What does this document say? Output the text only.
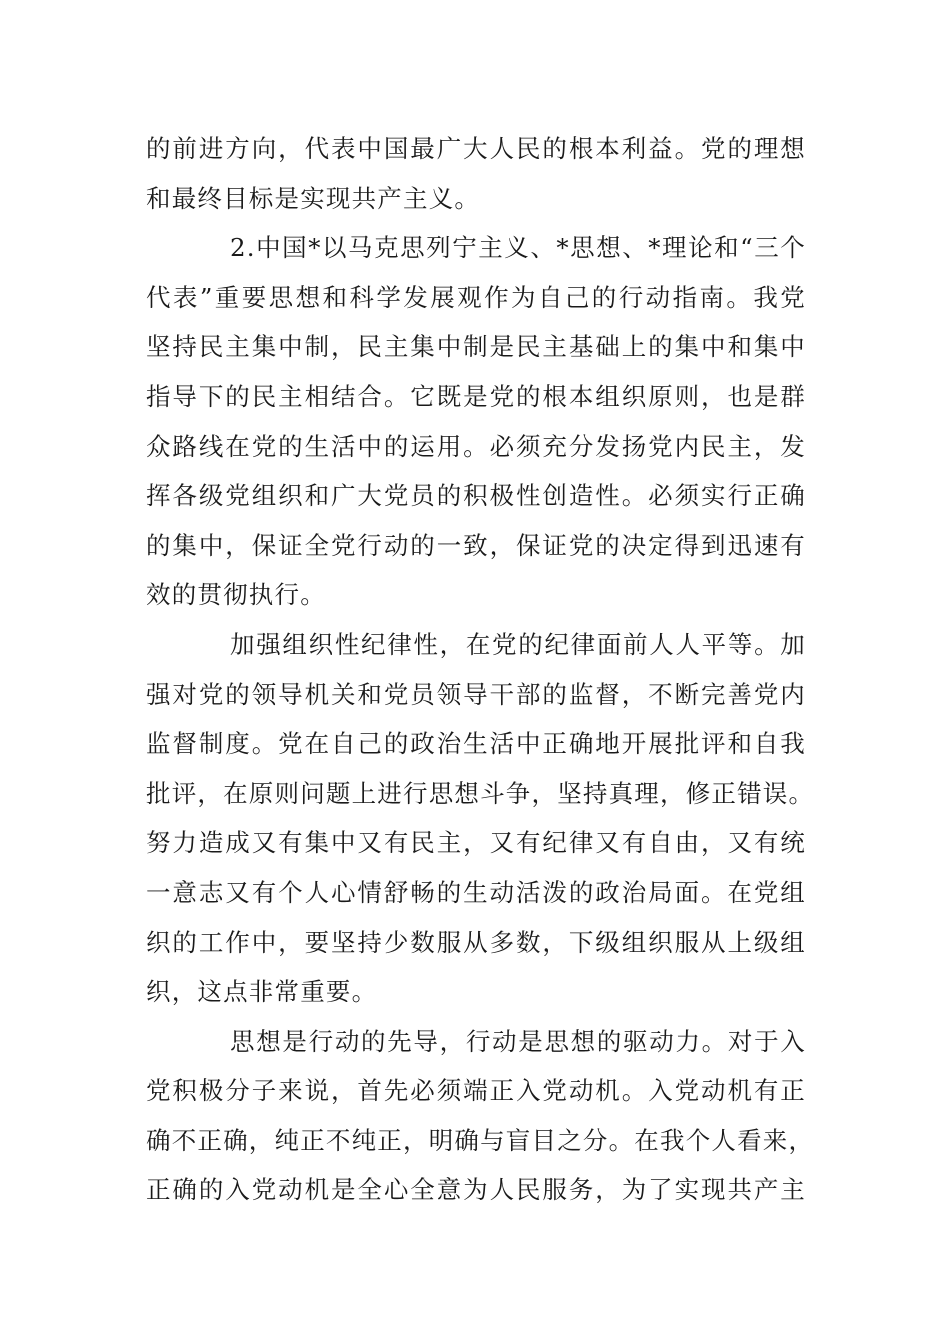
的前进方向，代表中国最广大人民的根本利益。党的理想
和最终目标是实现共产主义。
2.中国*以马克思列宁主义、*思想、*理论和“三个
代表”重要思想和科学发展观作为自己的行动指南。我党
坚持民主集中制，民主集中制是民主基础上的集中和集中
指导下的民主相结合。它既是党的根本组织原则，也是群
众路线在党的生活中的运用。必须充分发扬党内民主，发
挥各级党组织和广大党员的积极性创造性。必须实行正确
的集中，保证全党行动的一致，保证党的决定得到迅速有
效的贯彻执行。
加强组织性纪律性，在党的纪律面前人人平等。加
强对党的领导机关和党员领导干部的监督，不断完善党内
监督制度。党在自己的政治生活中正确地开展批评和自我
批评，在原则问题上进行思想斗争，坚持真理，修正错误。
努力造成又有集中又有民主，又有纪律又有自由，又有统
一意志又有个人心情舒畅的生动活泼的政治局面。在党组
织的工作中，要坚持少数服从多数，下级组织服从上级组
织，这点非常重要。
思想是行动的先导，行动是思想的驱动力。对于入
党积极分子来说，首先必须端正入党动机。入党动机有正
确不正确，纯正不纯正，明确与盲目之分。在我个人看来，
正确的入党动机是全心全意为人民服务，为了实现共产主
